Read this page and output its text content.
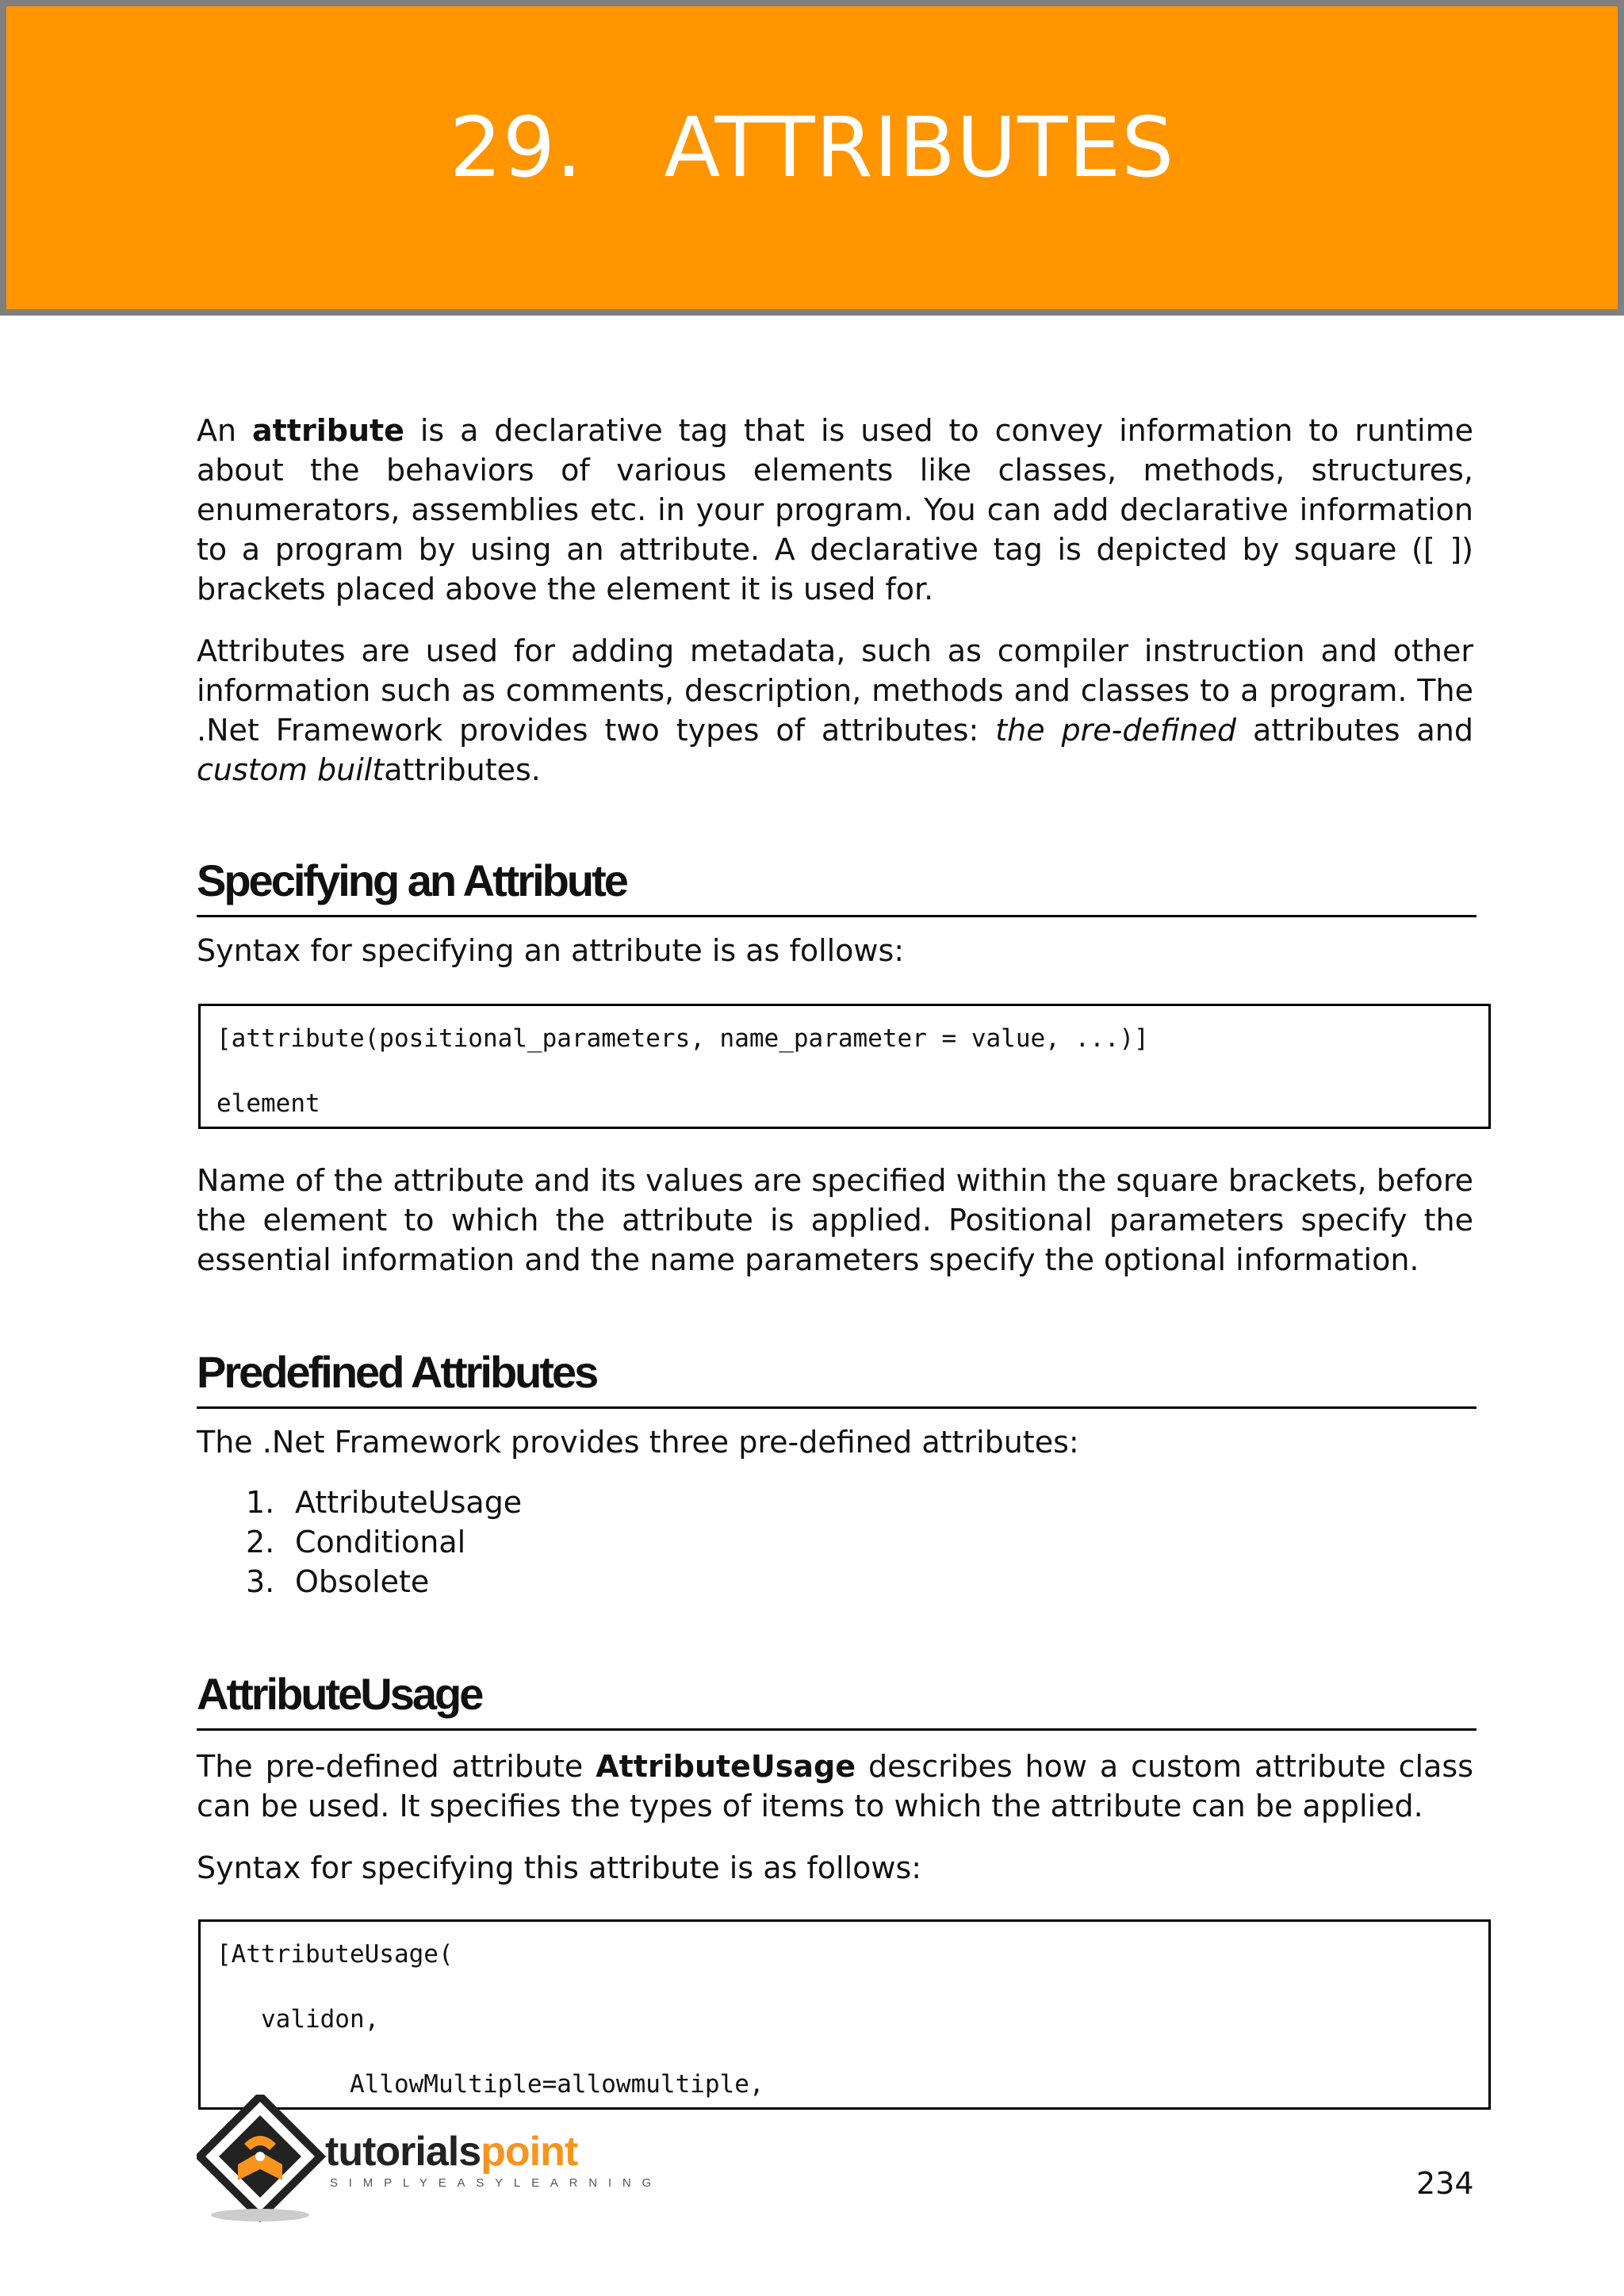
29. ATTRIBUTES

An attribute is a declarative tag that is used to convey information to runtime about the behaviors of various elements like classes, methods, structures, enumerators, assemblies etc. in your program. You can add declarative information to a program by using an attribute. A declarative tag is depicted by square ([ ]) brackets placed above the element it is used for.

Attributes are used for adding metadata, such as compiler instruction and other information such as comments, description, methods and classes to a program. The .Net Framework provides two types of attributes: the pre-defined attributes and custom builtattributes.

Specifying an Attribute

Syntax for specifying an attribute is as follows:

[attribute(positional_parameters, name_parameter = value, ...)]
element

Name of the attribute and its values are specified within the square brackets, before the element to which the attribute is applied. Positional parameters specify the essential information and the name parameters specify the optional information.

Predefined Attributes

The .Net Framework provides three pre-defined attributes:

1. AttributeUsage
2. Conditional
3. Obsolete
AttributeUsage

The pre-defined attribute AttributeUsage describes how a custom attribute class can be used. It specifies the types of items to which the attribute can be applied.

Syntax for specifying this attribute is as follows:

[AttributeUsage(
validon,
AllowMultiple=allowmultiple,
tutorialspoint
SIMPLYEASYLEARNING	234
